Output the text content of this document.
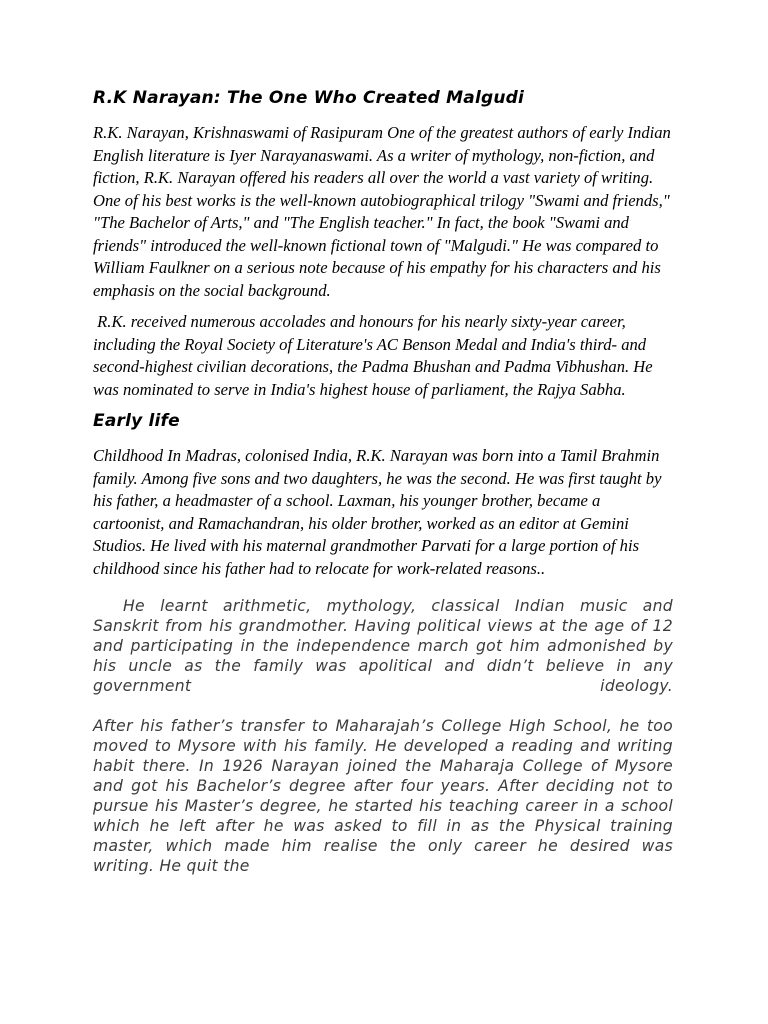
R.K Narayan: The One Who Created Malgudi

R.K. Narayan, Krishnaswami of Rasipuram One of the greatest authors of early Indian English literature is Iyer Narayanaswami. As a writer of mythology, non-fiction, and fiction, R.K. Narayan offered his readers all over the world a vast variety of writing. One of his best works is the well-known autobiographical trilogy "Swami and friends," "The Bachelor of Arts," and "The English teacher." In fact, the book "Swami and friends" introduced the well-known fictional town of "Malgudi." He was compared to William Faulkner on a serious note because of his empathy for his characters and his emphasis on the social background.

R.K. received numerous accolades and honours for his nearly sixty-year career, including the Royal Society of Literature's AC Benson Medal and India's third- and second-highest civilian decorations, the Padma Bhushan and Padma Vibhushan. He was nominated to serve in India's highest house of parliament, the Rajya Sabha.

Early life

Childhood In Madras, colonised India, R.K. Narayan was born into a Tamil Brahmin family. Among five sons and two daughters, he was the second. He was first taught by his father, a headmaster of a school. Laxman, his younger brother, became a cartoonist, and Ramachandran, his older brother, worked as an editor at Gemini Studios. He lived with his maternal grandmother Parvati for a large portion of his childhood since his father had to relocate for work-related reasons..

He learnt arithmetic, mythology, classical Indian music and Sanskrit from his grandmother. Having political views at the age of 12 and participating in the independence march got him admonished by his uncle as the family was apolitical and didn’t believe in any government ideology.

After his father’s transfer to Maharajah’s College High School, he too moved to Mysore with his family. He developed a reading and writing habit there. In 1926 Narayan joined the Maharaja College of Mysore and got his Bachelor’s degree after four years. After deciding not to pursue his Master’s degree, he started his teaching career in a school which he left after he was asked to fill in as the Physical training master, which made him realise the only career he desired was writing. He quit the
